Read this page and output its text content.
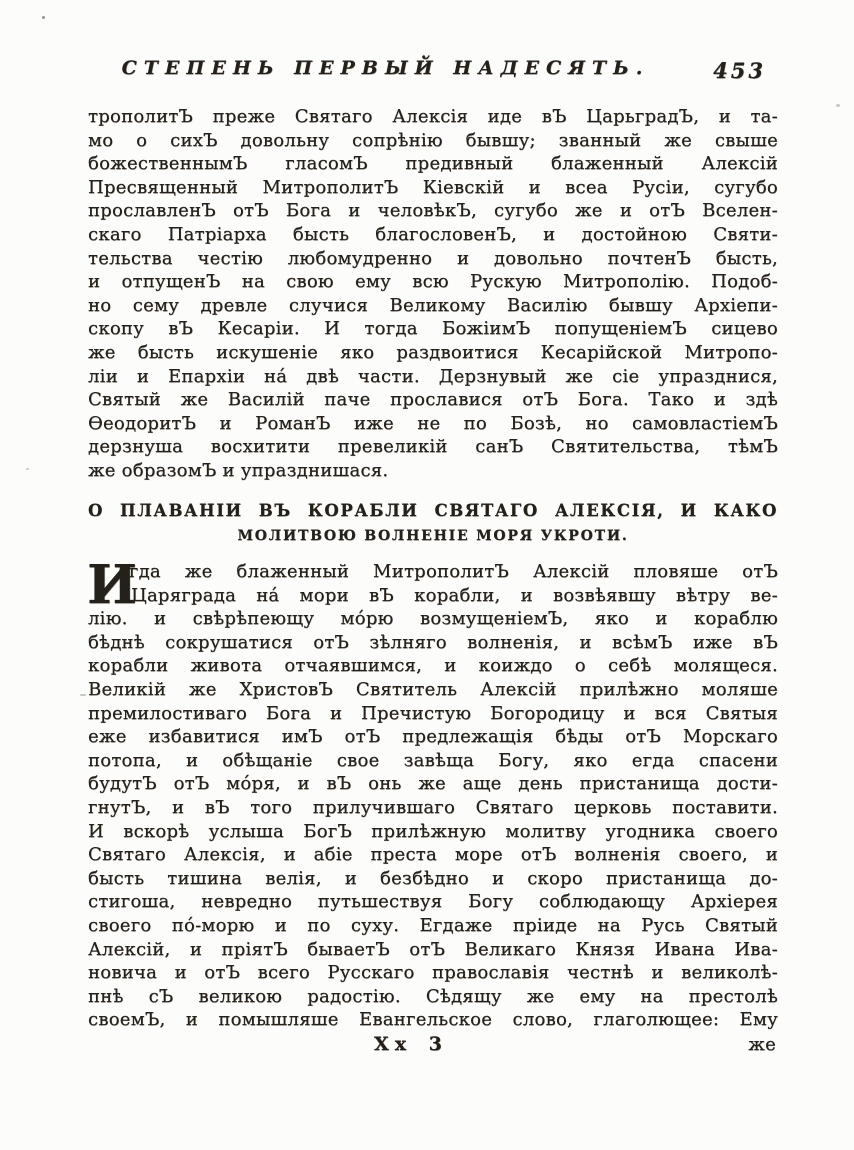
СТЕПЕНЬ ПЕРВЫЙ НАДЕСЯТЬ.	453
трополитЪ преже Святаго Алексія иде вЪ ЦарьградЪ, и та-
мо о сихЪ довольну сопрѣнію бывшу; званный же свыше
божественнымЪ гласомЪ предивный блаженный Алексій
Пресвященный МитрополитЪ Кіевскій и всеа Русіи, сугубо
прославленЪ отЪ Бога и человѣкЪ, сугубо же и отЪ Вселен-
скаго Патріарха бысть благословенЪ, и достойною Святи-
тельства честію любомудренно и довольно почтенЪ бысть,
и отпущенЪ на свою ему всю Рускую Митрополію. Подоб-
но сему древле случися Великому Василію бывшу Архіепи-
скопу вЪ Кесаріи. И тогда БожіимЪ попущеніемЪ сицево
же бысть искушеніе яко раздвоитися Кесарійской Митропо-
ліи и Епархіи нá двѣ части. Дерзнувый же сіе упразднися,
Святый же Василій паче прославися отЪ Бога. Тако и здѣ
ѲеодоритЪ и РоманЪ иже не по Бозѣ, но самовластіемЪ
дерзнуша восхитити превеликій санЪ Святительства, тѣмЪ
же образомЪ и упразднишася.
О ПЛАВАНІИ ВЪ КОРАБЛИ СВЯТАГО АЛЕКСІЯ, И КАКО
МОЛИТВОЮ ВОЛНЕНІЕ МОРЯ УКРОТИ.
И
егда же блаженный МитрополитЪ Алексій пловяше отЪ
Царяграда нá мори вЪ корабли, и возвѣявшу вѣтру ве-
лію. и свѣрѣпеющу мóрю возмущеніемЪ, яко и кораблю
бѣднѣ сокрушатися отЪ зѣлняго волненія, и всѣмЪ иже вЪ
корабли живота отчаявшимся, и коиждо о себѣ молящеся.
Великій же ХристовЪ Святитель Алексій прилѣжно моляше
премилостиваго Бога и Пречистую Богородицу и вся Святыя
еже избавитися имЪ отЪ предлежащія бѣды отЪ Морскаго
потопа, и обѣщаніе свое завѣща Богу, яко егда спасени
будутЪ отЪ мóря, и вЪ онь же аще день пристанища дости-
гнутЪ, и вЪ того прилучившаго Святаго церковь поставити.
И вскорѣ услыша БогЪ прилѣжную молитву угодника своего
Святаго Алексія, и абіе преста море отЪ волненія своего, и
бысть тишина велія, и безбѣдно и скоро пристанища до-
стигоша, невредно путьшествуя Богу соблюдающу Архіерея
своего пó-морю и по суху. Егдаже пріиде на Русь Святый
Алексій, и пріятЪ бываетЪ отЪ Великаго Князя Ивана Ива-
новича и отЪ всего Русскаго православія честнѣ и великолѣ-
пнѣ сЪ великою радостію. Сѣдящу же ему на престолѣ
своемЪ, и помышляше Евангельское слово, глаголющее: Ему
Хх 3	же
